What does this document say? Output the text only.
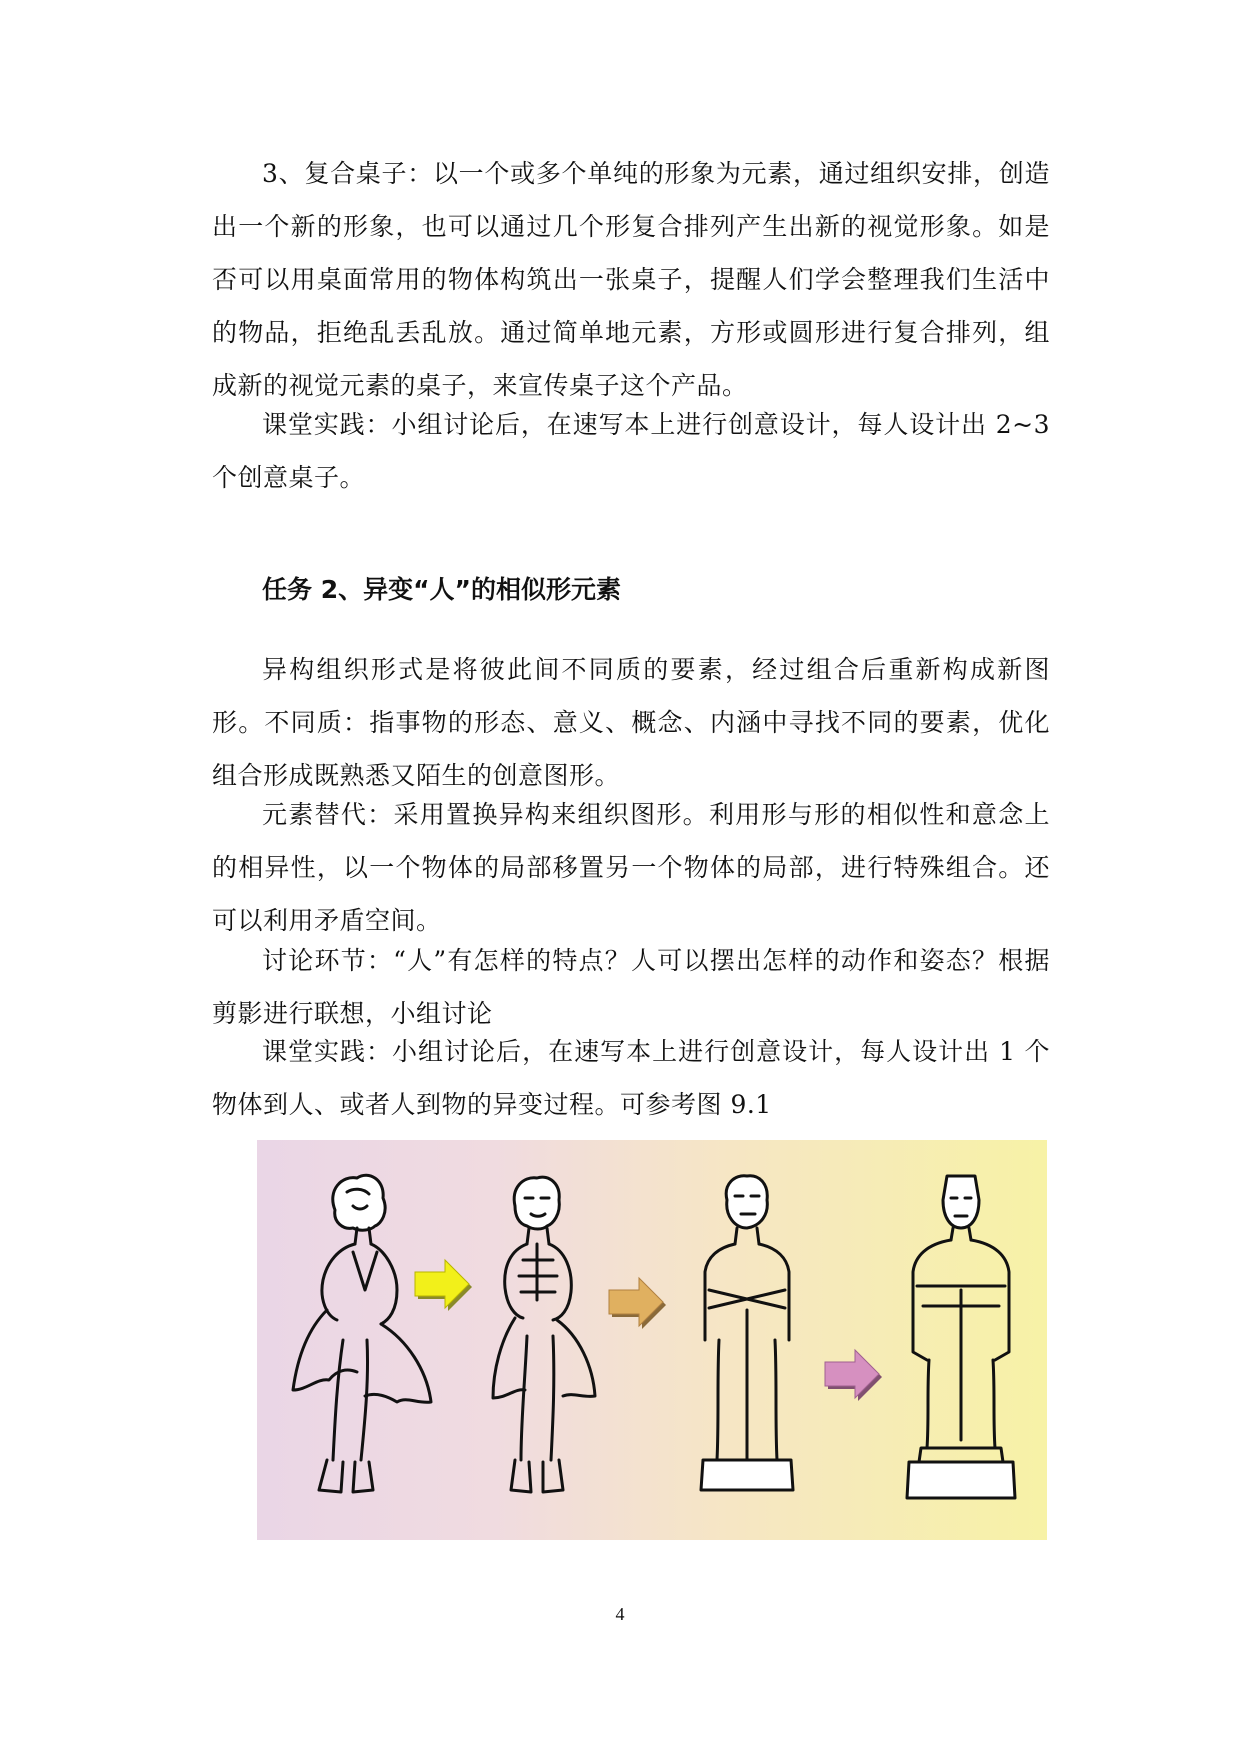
3、复合桌子：以一个或多个单纯的形象为元素，通过组织安排，创造出一个新的形象，也可以通过几个形复合排列产生出新的视觉形象。如是否可以用桌面常用的物体构筑出一张桌子，提醒人们学会整理我们生活中的物品，拒绝乱丢乱放。通过简单地元素，方形或圆形进行复合排列，组成新的视觉元素的桌子，来宣传桌子这个产品。

课堂实践：小组讨论后，在速写本上进行创意设计，每人设计出 2~3 个创意桌子。

任务 2、异变“人”的相似形元素

异构组织形式是将彼此间不同质的要素，经过组合后重新构成新图形。不同质：指事物的形态、意义、概念、内涵中寻找不同的要素，优化组合形成既熟悉又陌生的创意图形。

元素替代：采用置换异构来组织图形。利用形与形的相似性和意念上的相异性，以一个物体的局部移置另一个物体的局部，进行特殊组合。还可以利用矛盾空间。

讨论环节：“人”有怎样的特点？人可以摆出怎样的动作和姿态？根据剪影进行联想，小组讨论

课堂实践：小组讨论后，在速写本上进行创意设计，每人设计出 1 个物体到人、或者人到物的异变过程。可参考图 9.1

4
